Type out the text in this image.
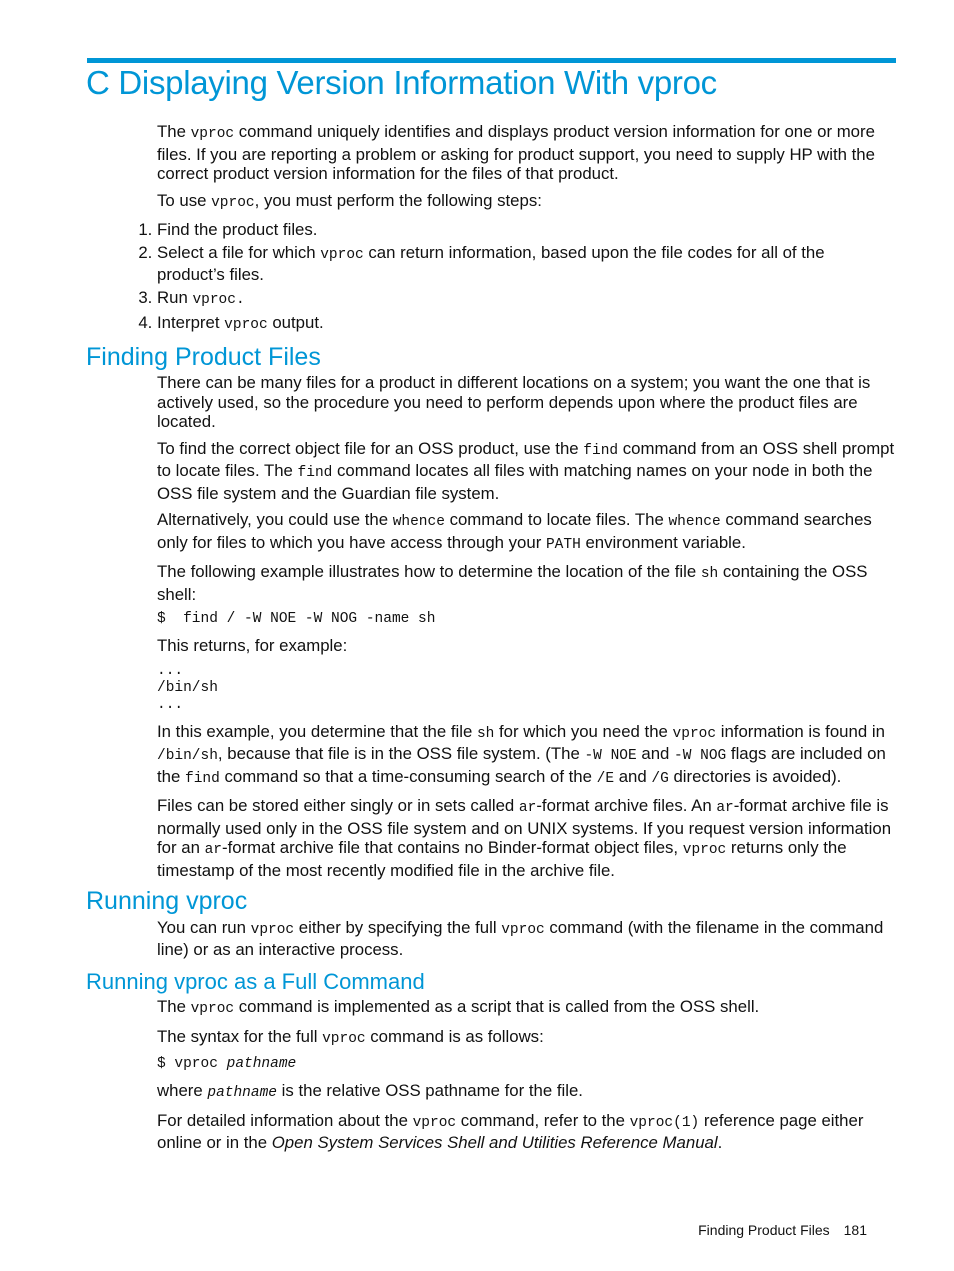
C Displaying Version Information With vproc

The vproc command uniquely identifies and displays product version information for one or more files. If you are reporting a problem or asking for product support, you need to supply HP with the correct product version information for the files of that product.

To use vproc, you must perform the following steps:

1. Find the product files.
2. Select a file for which vproc can return information, based upon the file codes for all of the product’s files.
3. Run vproc.
4. Interpret vproc output.
Finding Product Files

There can be many files for a product in different locations on a system; you want the one that is actively used, so the procedure you need to perform depends upon where the product files are located.

To find the correct object file for an OSS product, use the find command from an OSS shell prompt to locate files. The find command locates all files with matching names on your node in both the OSS file system and the Guardian file system.

Alternatively, you could use the whence command to locate files. The whence command searches only for files to which you have access through your PATH environment variable.

The following example illustrates how to determine the location of the file sh containing the OSS shell:

$  find / -W NOE -W NOG -name sh

This returns, for example:

...
/bin/sh
...

In this example, you determine that the file sh for which you need the vproc information is found in /bin/sh, because that file is in the OSS file system. (The -W NOE and -W NOG flags are included on the find command so that a time-consuming search of the /E and /G directories is avoided).

Files can be stored either singly or in sets called ar-format archive files. An ar-format archive file is normally used only in the OSS file system and on UNIX systems. If you request version information for an ar-format archive file that contains no Binder-format object files, vproc returns only the timestamp of the most recently modified file in the archive file.

Running vproc

You can run vproc either by specifying the full vproc command (with the filename in the command line) or as an interactive process.

Running vproc as a Full Command

The vproc command is implemented as a script that is called from the OSS shell.

The syntax for the full vproc command is as follows:

$ vproc pathname

where pathname is the relative OSS pathname for the file.

For detailed information about the vproc command, refer to the vproc(1) reference page either online or in the Open System Services Shell and Utilities Reference Manual.

Finding Product Files 181
